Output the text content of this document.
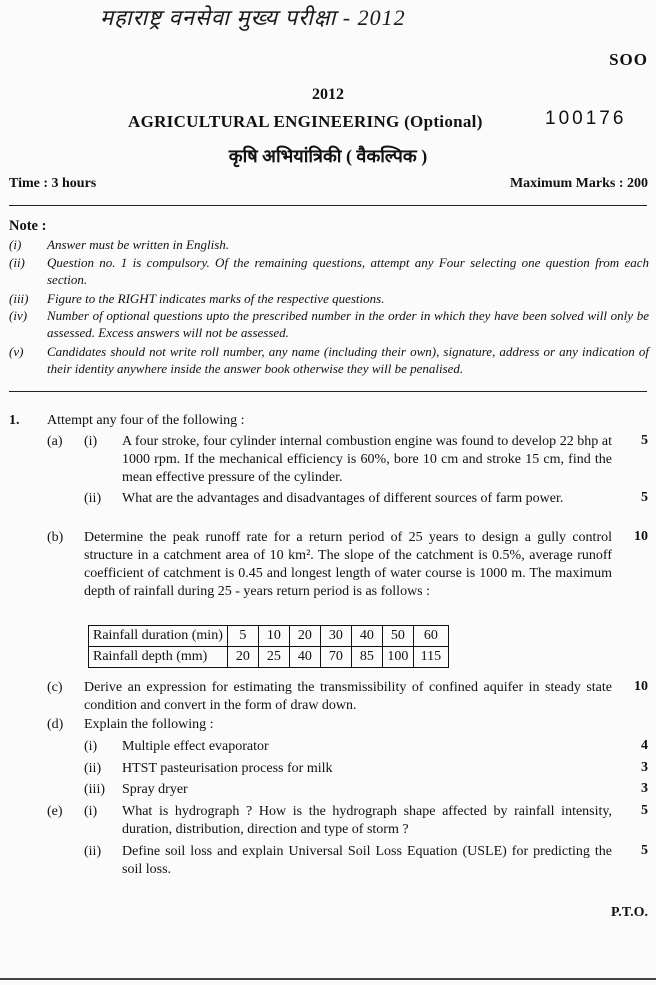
महाराष्ट्र वनसेवा मुख्य परीक्षा - 2012
SOO
2012
AGRICULTURAL ENGINEERING (Optional)	100176
कृषि अभियांत्रिकी ( वैकल्पिक )
Time : 3 hours	Maximum Marks : 200
Note :
(i) Answer must be written in English.
(ii) Question no. 1 is compulsory. Of the remaining questions, attempt any Four selecting one question from each section.
(iii) Figure to the RIGHT indicates marks of the respective questions.
(iv) Number of optional questions upto the prescribed number in the order in which they have been solved will only be assessed. Excess answers will not be assessed.
(v) Candidates should not write roll number, any name (including their own), signature, address or any indication of their identity anywhere inside the answer book otherwise they will be penalised.
1. Attempt any four of the following :
(a) (i) A four stroke, four cylinder internal combustion engine was found to develop 22 bhp at 1000 rpm. If the mechanical efficiency is 60%, bore 10 cm and stroke 15 cm, find the mean effective pressure of the cylinder.
5
(ii) What are the advantages and disadvantages of different sources of farm power.	5
(b) Determine the peak runoff rate for a return period of 25 years to design a gully control structure in a catchment area of 10 km². The slope of the catchment is 0.5%, average runoff coefficient of catchment is 0.45 and longest length of water course is 1000 m. The maximum depth of rainfall during 25 - years return period is as follows :
10
Rainfall duration (min)	5	10	20	30	40	50	60
Rainfall depth (mm)	20	25	40	70	85	100	115
(c) Derive an expression for estimating the transmissibility of confined aquifer in steady state condition and convert in the form of draw down.
10
(d) Explain the following :
(i) Multiple effect evaporator	4
(ii) HTST pasteurisation process for milk	3
(iii) Spray dryer	3
(e) (i) What is hydrograph ? How is the hydrograph shape affected by rainfall intensity, duration, distribution, direction and type of storm ?
5
(ii) Define soil loss and explain Universal Soil Loss Equation (USLE) for predicting the soil loss.
5
P.T.O.
